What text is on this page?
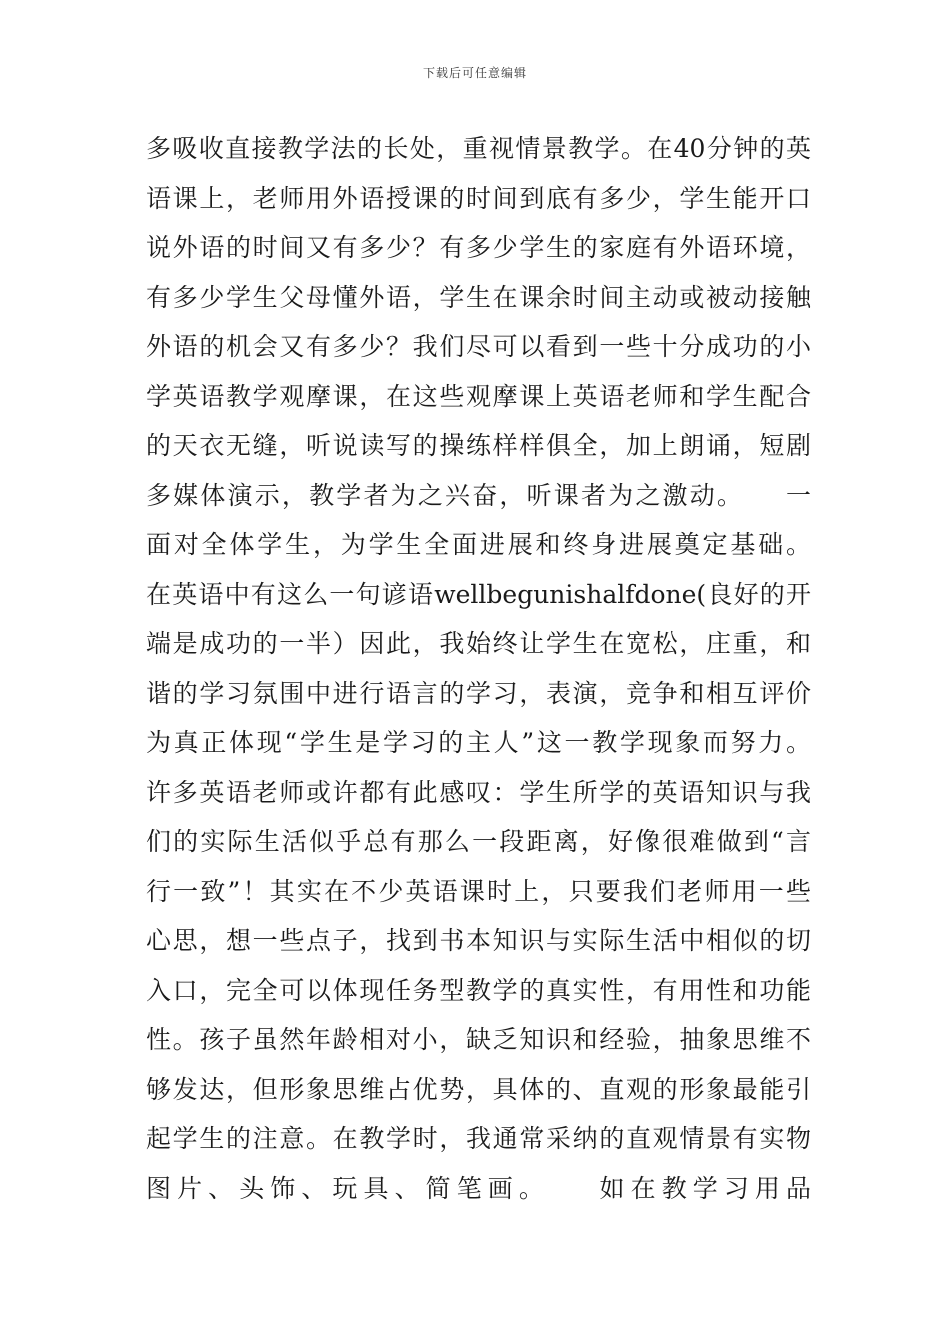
下载后可任意编辑
多吸收直接教学法的长处，重视情景教学。在40分钟的英
语课上，老师用外语授课的时间到底有多少，学生能开口
说外语的时间又有多少？有多少学生的家庭有外语环境，
有多少学生父母懂外语，学生在课余时间主动或被动接触
外语的机会又有多少？我们尽可以看到一些十分成功的小
学英语教学观摩课，在这些观摩课上英语老师和学生配合
的天衣无缝，听说读写的操练样样俱全，加上朗诵，短剧
多媒体演示，教学者为之兴奋，听课者为之激动。　　一
面对全体学生，为学生全面进展和终身进展奠定基础。
在英语中有这么一句谚语wellbegunishalfdone(良好的开
端是成功的一半）因此，我始终让学生在宽松，庄重，和
谐的学习氛围中进行语言的学习，表演，竞争和相互评价
为真正体现“学生是学习的主人”这一教学现象而努力。
许多英语老师或许都有此感叹：学生所学的英语知识与我
们的实际生活似乎总有那么一段距离，好像很难做到“言
行一致”！其实在不少英语课时上，只要我们老师用一些
心思，想一些点子，找到书本知识与实际生活中相似的切
入口，完全可以体现任务型教学的真实性，有用性和功能
性。孩子虽然年龄相对小，缺乏知识和经验，抽象思维不
够发达，但形象思维占优势，具体的、直观的形象最能引
起学生的注意。在教学时，我通常采纳的直观情景有实物
图片、头饰、玩具、简笔画。　　如在教学习用品
